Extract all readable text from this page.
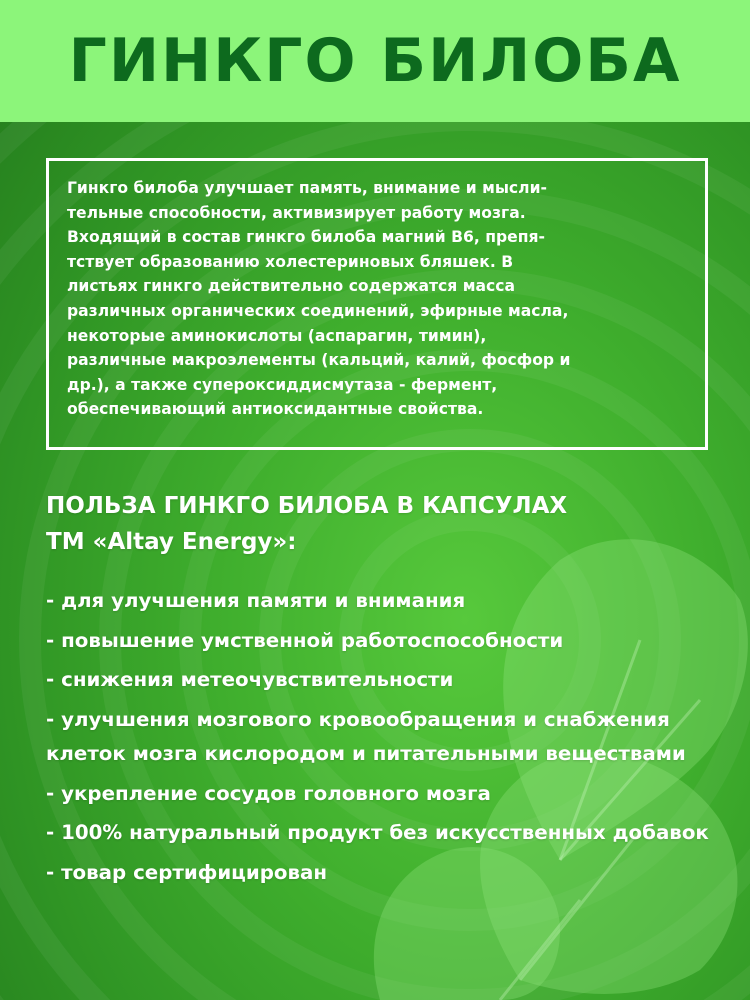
ГИНКГО БИЛОБА

Гинкго билоба улучшает память, внимание и мысли-
тельные способности, активизирует работу мозга.
Входящий в состав гинкго билоба магний В6, препя-
тствует образованию холестериновых бляшек. В
листьях гинкго действительно содержатся масса
различных органических соединений, эфирные масла,
некоторые аминокислоты (аспарагин, тимин),
различные макроэлементы (кальций, калий, фосфор и
др.), а также супероксиддисмутаза - фермент,
обеспечивающий антиоксидантные свойства.

ПОЛЬЗА ГИНКГО БИЛОБА В КАПСУЛАХ
ТМ «Altay Energy»:
- для улучшения памяти и внимания
- повышение умственной работоспособности
- снижения метеочувствительности
- улучшения мозгового кровообращения и снабжения клеток мозга кислородом и питательными веществами
- укрепление сосудов головного мозга
- 100% натуральный продукт без искусственных добавок
- товар сертифицирован
